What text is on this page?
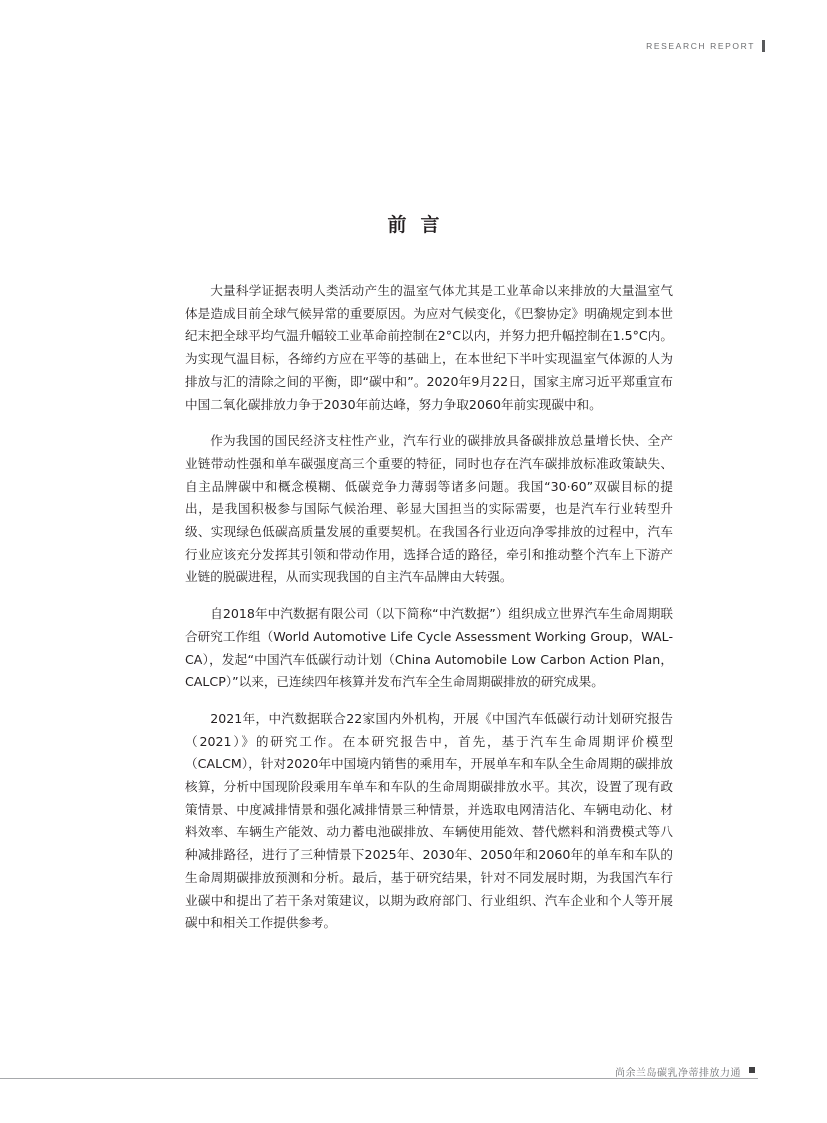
RESEARCH REPORT
前言

大量科学证据表明人类活动产生的温室气体尤其是工业革命以来排放的大量温室气体是造成目前全球气候异常的重要原因。为应对气候变化，《巴黎协定》明确规定到本世纪末把全球平均气温升幅较工业革命前控制在2°C以内，并努力把升幅控制在1.5°C内。为实现气温目标，各缔约方应在平等的基础上，在本世纪下半叶实现温室气体源的人为排放与汇的清除之间的平衡，即“碳中和”。2020年9月22日，国家主席习近平郑重宣布中国二氧化碳排放力争于2030年前达峰，努力争取2060年前实现碳中和。

作为我国的国民经济支柱性产业，汽车行业的碳排放具备碳排放总量增长快、全产业链带动性强和单车碳强度高三个重要的特征，同时也存在汽车碳排放标准政策缺失、自主品牌碳中和概念模糊、低碳竞争力薄弱等诸多问题。我国“30·60”双碳目标的提出，是我国积极参与国际气候治理、彰显大国担当的实际需要，也是汽车行业转型升级、实现绿色低碳高质量发展的重要契机。在我国各行业迈向净零排放的过程中，汽车行业应该充分发挥其引领和带动作用，选择合适的路径，牵引和推动整个汽车上下游产业链的脱碳进程，从而实现我国的自主汽车品牌由大转强。

自2018年中汽数据有限公司（以下简称“中汽数据”）组织成立世界汽车生命周期联合研究工作组（World Automotive Life Cycle Assessment Working Group，WAL-CA），发起“中国汽车低碳行动计划（China Automobile Low Carbon Action Plan，CALCP）”以来，已连续四年核算并发布汽车全生命周期碳排放的研究成果。

2021年，中汽数据联合22家国内外机构，开展《中国汽车低碳行动计划研究报告（2021）》的研究工作。在本研究报告中，首先，基于汽车生命周期评价模型（CALCM），针对2020年中国境内销售的乘用车，开展单车和车队全生命周期的碳排放核算，分析中国现阶段乘用车单车和车队的生命周期碳排放水平。其次，设置了现有政策情景、中度减排情景和强化减排情景三种情景，并选取电网清洁化、车辆电动化、材料效率、车辆生产能效、动力蓄电池碳排放、车辆使用能效、替代燃料和消费模式等八种减排路径，进行了三种情景下2025年、2030年、2050年和2060年的单车和车队的生命周期碳排放预测和分析。最后，基于研究结果，针对不同发展时期，为我国汽车行业碳中和提出了若干条对策建议，以期为政府部门、行业组织、汽车企业和个人等开展碳中和相关工作提供参考。

尚余兰岛碳乳净蒂排放力通
